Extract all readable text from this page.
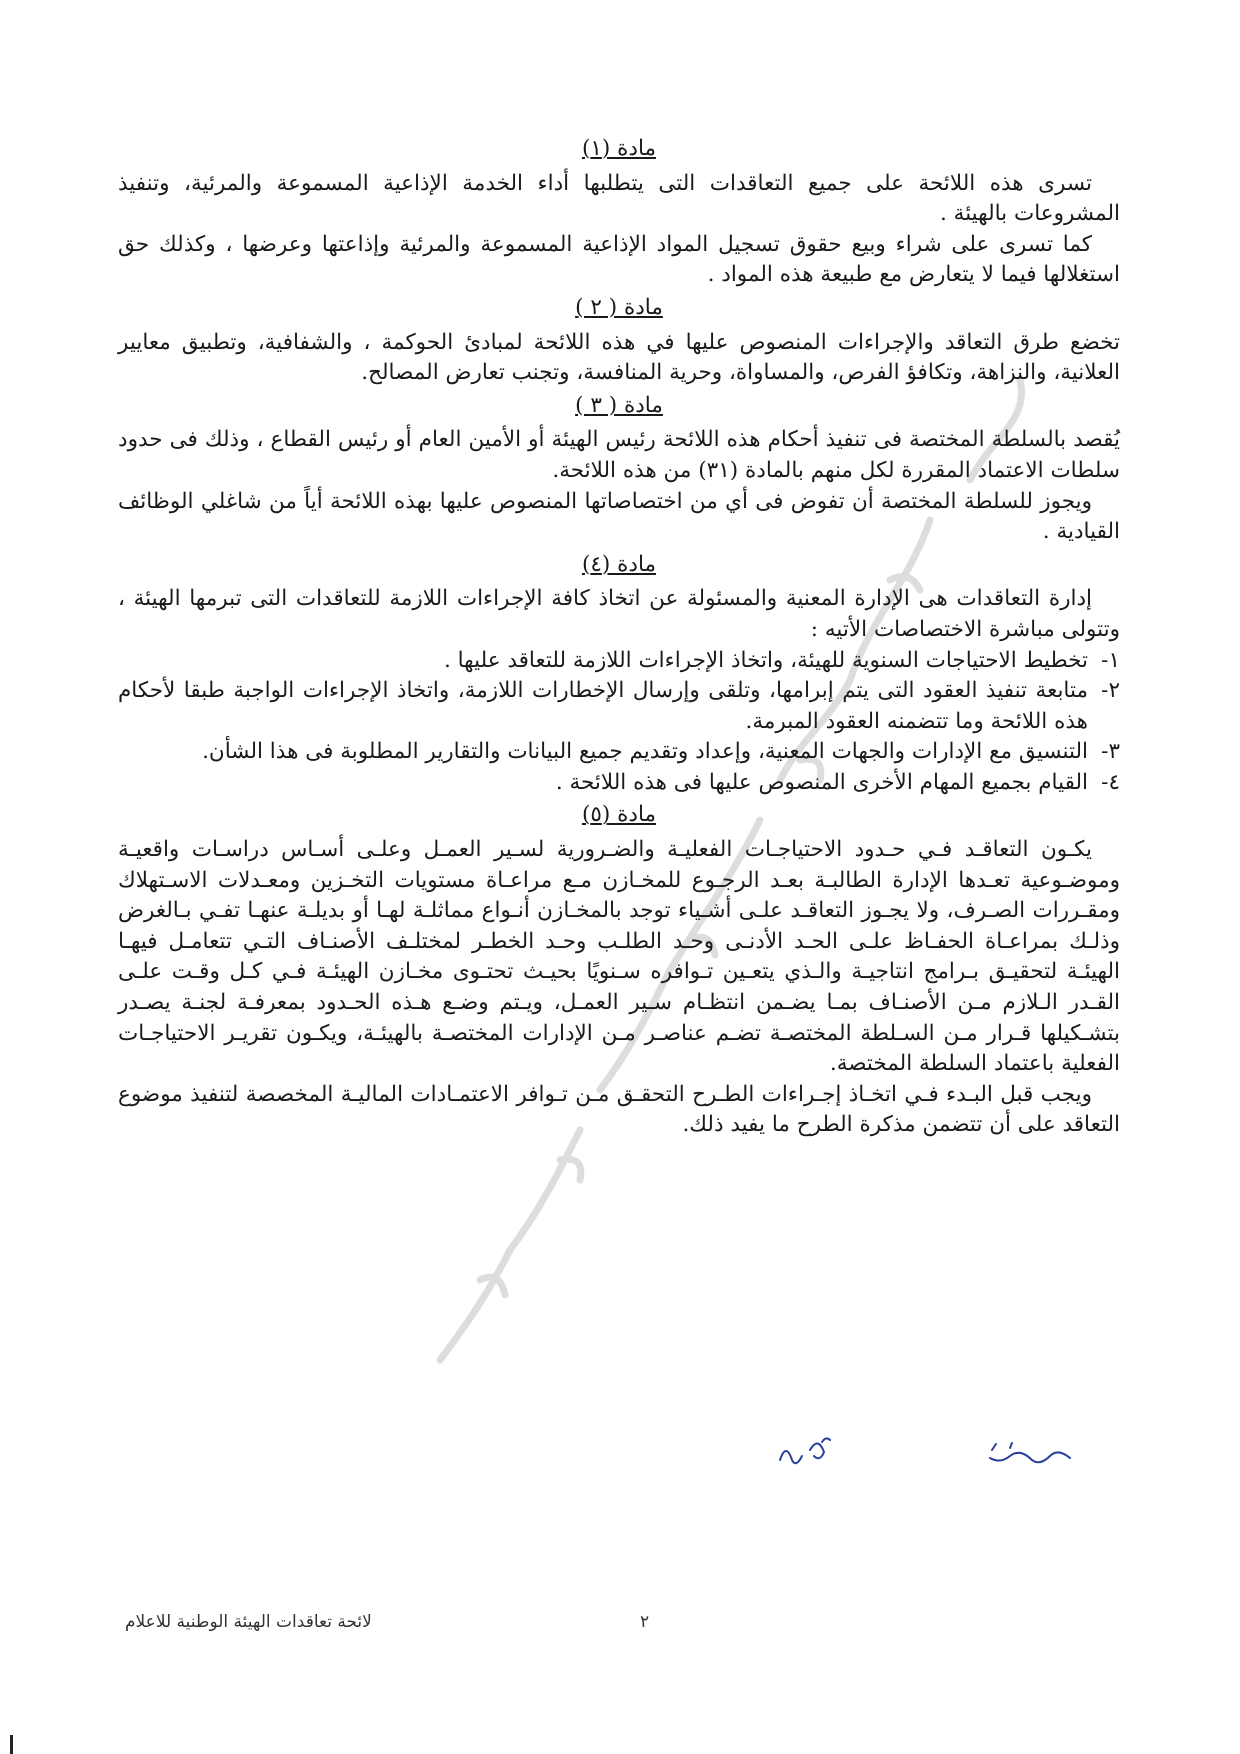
مادة (١)

تسرى هذه اللائحة على جميع التعاقدات التى يتطلبها أداء الخدمة الإذاعية المسموعة والمرئية، وتنفيذ المشروعات بالهيئة .

كما تسرى على شراء وبيع حقوق تسجيل المواد الإذاعية المسموعة والمرئية وإذاعتها وعرضها ، وكذلك حق استغلالها فيما لا يتعارض مع طبيعة هذه المواد .

مادة ( ٢ )

تخضع طرق التعاقد والإجراءات المنصوص عليها في هذه اللائحة لمبادئ الحوكمة ، والشفافية، وتطبيق معايير العلانية، والنزاهة، وتكافؤ الفرص، والمساواة، وحرية المنافسة، وتجنب تعارض المصالح.

مادة ( ٣ )

يُقصد بالسلطة المختصة فى تنفيذ أحكام هذه اللائحة رئيس الهيئة أو الأمين العام أو رئيس القطاع ، وذلك فى حدود سلطات الاعتماد المقررة لكل منهم بالمادة (٣١) من هذه اللائحة.

ويجوز للسلطة المختصة أن تفوض فى أي من اختصاصاتها المنصوص عليها بهذه اللائحة أياً من شاغلي الوظائف القيادية .

مادة (٤)

إدارة التعاقدات هى الإدارة المعنية والمسئولة عن اتخاذ كافة الإجراءات اللازمة للتعاقدات التى تبرمها الهيئة ، وتتولى مباشرة الاختصاصات الأتيه :

١-
تخطيط الاحتياجات السنوية للهيئة، واتخاذ الإجراءات اللازمة للتعاقد عليها .
٢-
متابعة تنفيذ العقود التى يتم إبرامها، وتلقى وإرسال الإخطارات اللازمة، واتخاذ الإجراءات الواجبة طبقا لأحكام هذه اللائحة وما تتضمنه العقود المبرمة.
٣-
التنسيق مع الإدارات والجهات المعنية، وإعداد وتقديم جميع البيانات والتقارير المطلوبة فى هذا الشأن.
٤-
القيام بجميع المهام الأخرى المنصوص عليها فى هذه اللائحة .
مادة (٥)

يكـون التعاقـد فـي حـدود الاحتياجـات الفعليـة والضـرورية لسـير العمـل وعلـى أسـاس دراسـات واقعيـة وموضـوعية تعـدها الإدارة الطالبـة بعـد الرجـوع للمخـازن مـع مراعـاة مستويات التخـزين ومعـدلات الاسـتهلاك ومقـررات الصـرف، ولا يجـوز التعاقـد علـى أشـياء توجد بالمخـازن أنـواع مماثلـة لهـا أو بديلـة عنهـا تفـي بـالغرض وذلـك بمراعـاة الحفـاظ علـى الحـد الأدنـى وحـد الطلـب وحـد الخطـر لمختلـف الأصنـاف التـي تتعامـل فيهـا الهيئـة لتحقيـق بـرامج انتاجيـة والـذي يتعـين تـوافره سـنويًا بحيـث تحتـوى مخـازن الهيئـة فـي كـل وقـت علـى القـدر الـلازم مـن الأصنـاف بمـا يضـمن انتظـام سـير العمـل، ويـتم وضـع هـذه الحـدود بمعرفـة لجنـة يصـدر بتشـكيلها قـرار مـن السـلطة المختصـة تضـم عناصـر مـن الإدارات المختصـة بالهيئـة، ويكـون تقريـر الاحتياجـات الفعلية باعتماد السلطة المختصة.

ويجب قبل البـدء فـي اتخـاذ إجـراءات الطـرح التحقـق مـن تـوافر الاعتمـادات الماليـة المخصصة لتنفيذ موضوع التعاقد على أن تتضمن مذكرة الطرح ما يفيد ذلك.

٢
لائحة تعاقدات الهيئة الوطنية للاعلام
